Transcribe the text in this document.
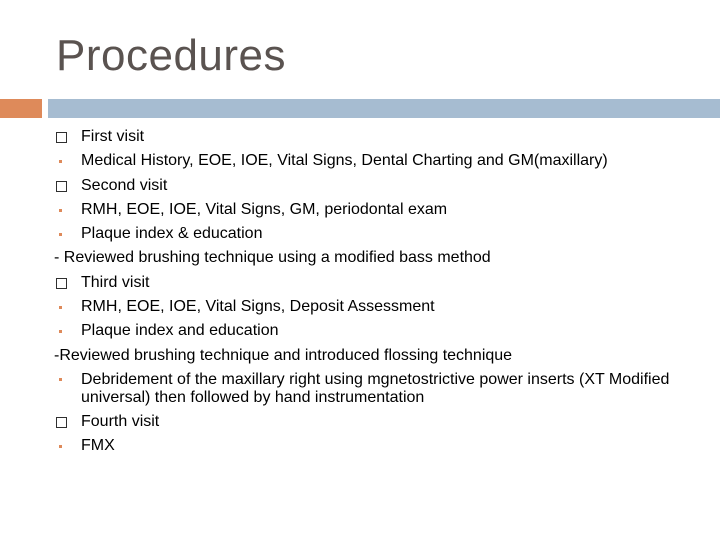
Procedures
First visit
Medical History, EOE, IOE, Vital Signs, Dental Charting and GM(maxillary)
Second visit
RMH, EOE, IOE, Vital Signs, GM, periodontal exam
Plaque index & education
- Reviewed brushing technique using a modified bass method
Third visit
RMH, EOE, IOE, Vital Signs, Deposit Assessment
Plaque index and education
-Reviewed brushing technique and introduced flossing technique
Debridement of the maxillary right using mgnetostrictive power inserts (XT Modified universal) then followed by hand instrumentation
Fourth visit
FMX
